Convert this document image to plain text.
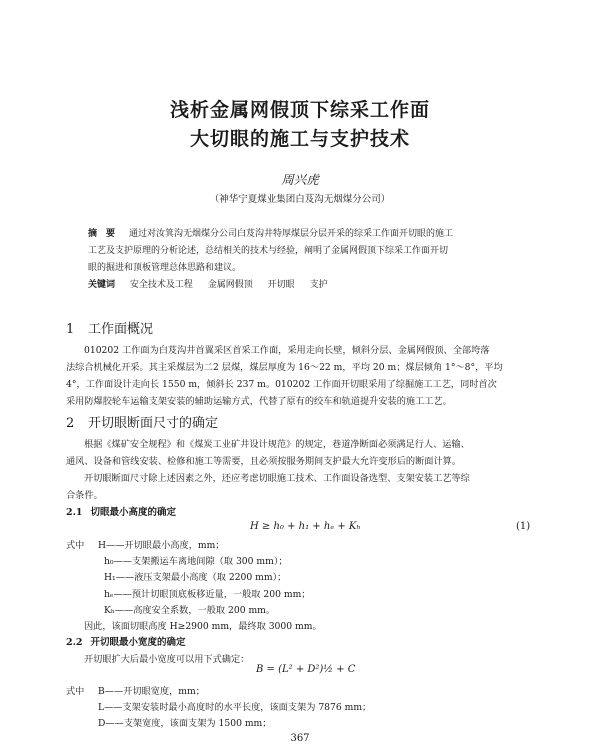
浅析金属网假顶下综采工作面
大切眼的施工与支护技术
周兴虎
（神华宁夏煤业集团白芨沟无烟煤分公司）
摘　要 通过对汝箕沟无烟煤分公司白芨沟井特厚煤层分层开采的综采工作面开切眼的施工
工艺及支护原理的分析论述，总结相关的技术与经验，阐明了金属网假顶下综采工作面开切
眼的掘进和顶板管理总体思路和建议。
关键词 安全技术及工程 金属网假顶 开切眼 支护
1 工作面概况
010202 工作面为白芨沟井首翼采区首采工作面，采用走向长壁，倾斜分层、金属网假顶、全部垮落
法综合机械化开采。其主采煤层为二2 层煤，煤层厚度为 16～22 m，平均 20 m；煤层倾角 1°～8°，平均
4°，工作面设计走向长 1550 m，倾斜长 237 m。010202 工作面开切眼采用了综掘施工工艺，同时首次
采用防爆胶轮车运输支架安装的辅助运输方式，代替了原有的绞车和轨道提升安装的施工工艺。
2 开切眼断面尺寸的确定
根据《煤矿安全规程》和《煤炭工业矿井设计规范》的规定，巷道净断面必须满足行人、运输、
通风、设备和管线安装、检修和施工等需要，且必须按服务期间支护最大允许变形后的断面计算。
开切眼断面尺寸除上述因素之外，还应考虑切眼施工技术、工作面设备选型、支架安装工艺等综
合条件。
2.1 切眼最小高度的确定
H ≥ h₀ + h₁ + hₑ + Kₕ	(1)
式中 H——开切眼最小高度，mm；
h₀——支架搬运车离地间隙（取 300 mm）；
H₁——液压支架最小高度（取 2200 mm）；
hₑ——预计切眼顶底板移近量，一般取 200 mm；
Kₕ——高度安全系数，一般取 200 mm。
因此，该面切眼高度 H≥2900 mm，最终取 3000 mm。
2.2 开切眼最小宽度的确定
开切眼扩大后最小宽度可以用下式确定：
B = (L² + D²)½ + C
式中 B——开切眼宽度，mm；
L——支架安装时最小高度时的水平长度，该面支架为 7876 mm；
D——支架宽度，该面支架为 1500 mm；
367
